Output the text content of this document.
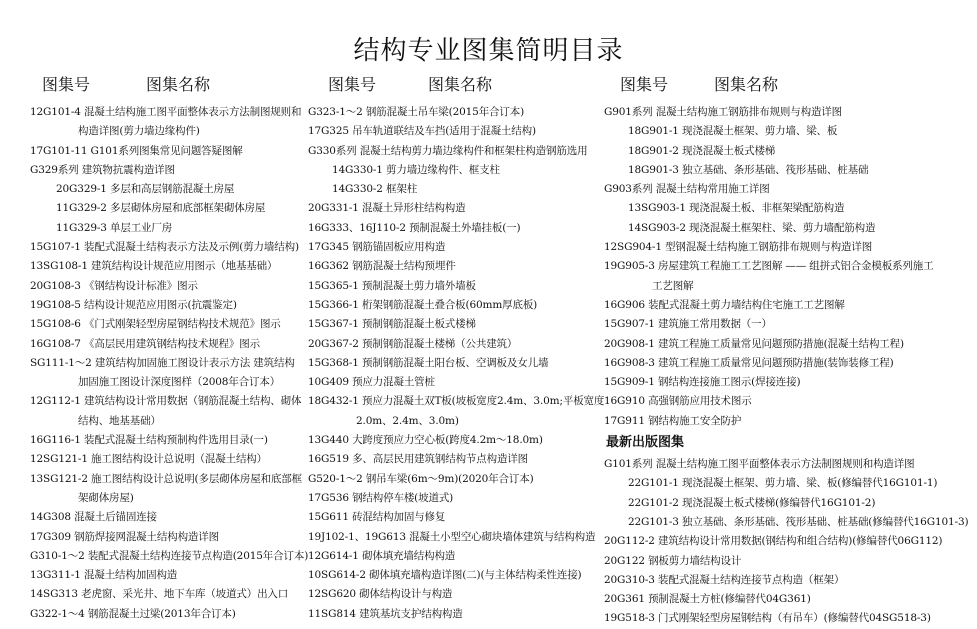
结构专业图集简明目录
图集号	图集名称
12G101-4 混凝土结构施工图平面整体表示方法制图规则和
构造详图(剪力墙边缘构件)
17G101-11 G101系列图集常见问题答疑图解
G329系列 建筑物抗震构造详图
20G329-1 多层和高层钢筋混凝土房屋
11G329-2 多层砌体房屋和底部框架砌体房屋
11G329-3 单层工业厂房
15G107-1 装配式混凝土结构表示方法及示例(剪力墙结构)
13SG108-1 建筑结构设计规范应用图示（地基基础）
20G108-3 《钢结构设计标准》图示
19G108-5 结构设计规范应用图示(抗震鉴定)
15G108-6 《门式刚架轻型房屋钢结构技术规范》图示
16G108-7 《高层民用建筑钢结构技术规程》图示
SG111-1～2 建筑结构加固施工图设计表示方法 建筑结构
加固施工图设计深度图样（2008年合订本）
12G112-1 建筑结构设计常用数据（钢筋混凝土结构、砌体
结构、地基基础）
16G116-1 装配式混凝土结构预制构件选用目录(一)
12SG121-1 施工图结构设计总说明（混凝土结构）
13SG121-2 施工图结构设计总说明(多层砌体房屋和底部框
架砌体房屋)
14G308 混凝土后锚固连接
17G309 钢筋焊接网混凝土结构构造详图
G310-1～2 装配式混凝土结构连接节点构造(2015年合订本)
13G311-1 混凝土结构加固构造
14SG313 老虎窗、采光井、地下车库（坡道式）出入口
G322-1～4 钢筋混凝土过梁(2013年合订本)
图集号	图集名称
G323-1～2 钢筋混凝土吊车梁(2015年合订本)
17G325 吊车轨道联结及车挡(适用于混凝土结构)
G330系列 混凝土结构剪力墙边缘构件和框架柱构造钢筋选用
14G330-1 剪力墙边缘构件、框支柱
14G330-2 框架柱
20G331-1 混凝土异形柱结构构造
16G333、16J110-2 预制混凝土外墙挂板(一)
17G345 钢筋锚固板应用构造
16G362 钢筋混凝土结构预埋件
15G365-1 预制混凝土剪力墙外墙板
15G366-1 桁架钢筋混凝土叠合板(60mm厚底板)
15G367-1 预制钢筋混凝土板式楼梯
20G367-2 预制钢筋混凝土楼梯（公共建筑）
15G368-1 预制钢筋混凝土阳台板、空调板及女儿墙
10G409 预应力混凝土管桩
18G432-1 预应力混凝土双T板(坡板宽度2.4m、3.0m;平板宽度
2.0m、2.4m、3.0m)
13G440 大跨度预应力空心板(跨度4.2m～18.0m)
16G519 多、高层民用建筑钢结构节点构造详图
G520-1～2 钢吊车梁(6m～9m)(2020年合订本)
17G536 钢结构停车楼(坡道式)
15G611 砖混结构加固与修复
19J102-1、19G613 混凝土小型空心砌块墙体建筑与结构构造
12G614-1 砌体填充墙结构构造
10SG614-2 砌体填充墙构造详图(二)(与主体结构柔性连接)
12SG620 砌体结构设计与构造
11SG814 建筑基坑支护结构构造
图集号	图集名称
G901系列 混凝土结构施工钢筋排布规则与构造详图
18G901-1 现浇混凝土框架、剪力墙、梁、板
18G901-2 现浇混凝土板式楼梯
18G901-3 独立基础、条形基础、筏形基础、桩基础
G903系列 混凝土结构常用施工详图
13SG903-1 现浇混凝土板、非框架梁配筋构造
14SG903-2 现浇混凝土框架柱、梁、剪力墙配筋构造
12SG904-1 型钢混凝土结构施工钢筋排布规则与构造详图
19G905-3 房屋建筑工程施工工艺图解 —— 组拼式铝合金模板系列施工
工艺图解
16G906 装配式混凝土剪力墙结构住宅施工工艺图解
15G907-1 建筑施工常用数据（一）
20G908-1 建筑工程施工质量常见问题预防措施(混凝土结构工程)
16G908-3 建筑工程施工质量常见问题预防措施(装饰装修工程)
15G909-1 钢结构连接施工图示(焊接连接)
16G910 高强钢筋应用技术图示
17G911 钢结构施工安全防护
最新出版图集
G101系列 混凝土结构施工图平面整体表示方法制图规则和构造详图
22G101-1 现浇混凝土框架、剪力墙、梁、板(修编替代16G101-1)
22G101-2 现浇混凝土板式楼梯(修编替代16G101-2)
22G101-3 独立基础、条形基础、筏形基础、桩基础(修编替代16G101-3)
20G112-2 建筑结构设计常用数据(钢结构和组合结构)(修编替代06G112)
20G122 钢板剪力墙结构设计
20G310-3 装配式混凝土结构连接节点构造（框架）
20G361 预制混凝土方桩(修编替代04G361)
19G518-3 门式刚架轻型房屋钢结构（有吊车）(修编替代04SG518-3)
